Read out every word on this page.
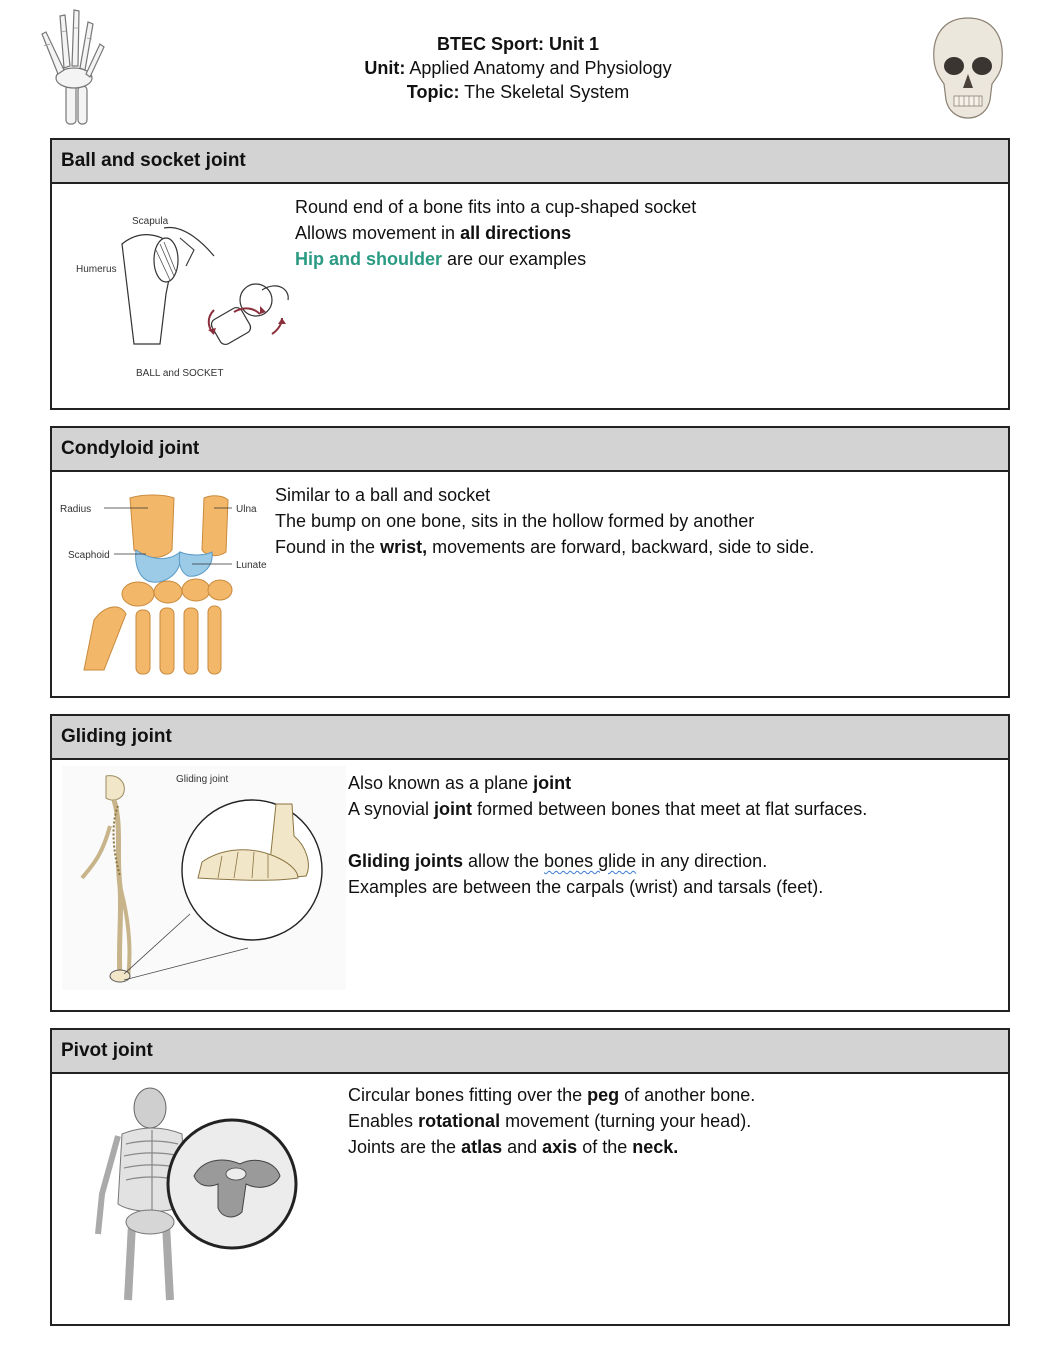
BTEC Sport: Unit 1
Unit: Applied Anatomy and Physiology
Topic: The Skeletal System
Ball and socket joint
Scapula
Humerus
BALL and SOCKET

Round end of a bone fits into a cup-shaped socket

Allows movement in all directions

Hip and shoulder are our examples

Condyloid joint
Radius	Ulna
Scaphoid
Lunate

Similar to a ball and socket

The bump on one bone, sits in the hollow formed by another

Found in the wrist, movements are forward, backward, side to side.

Gliding joint
Gliding joint	Also known as a plane joint

A synovial joint formed between bones that meet at flat surfaces.

Gliding joints allow the bones glide in any direction.

Examples are between the carpals (wrist) and tarsals (feet).

Pivot joint

Circular bones fitting over the peg of another bone.

Enables rotational movement (turning your head).

Joints are the atlas and axis of the neck.
